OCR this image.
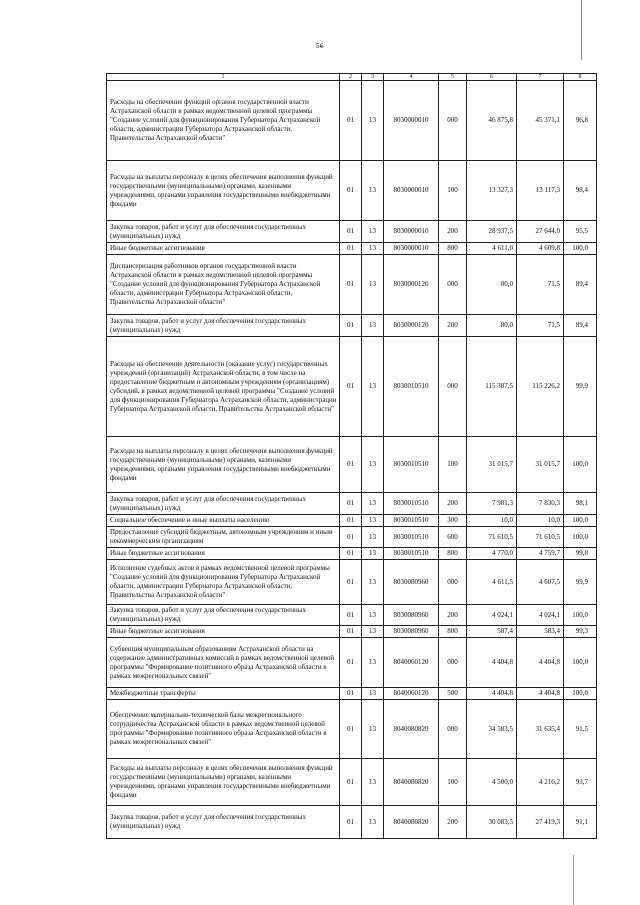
56
1	2	3	4	5	6	7	8
Расходы на обеспечение функций органов государственной власти Астраханской области в рамках ведомственной целевой программы "Создание условий для функционирования Губернатора Астраханской области, администрации Губернатора Астраханской области, Правительства Астраханской области"	01	13	8030000010	000	46 875,8	45 371,1	96,8
Расходы на выплаты персоналу в целях обеспечения выполнения функций государственными (муниципальными) органами, казенными учреждениями, органами управления государственными внебюджетными фондами	01	13	8030000010	100	13 327,3	13 117,3	98,4
Закупка товаров, работ и услуг для обеспечения государственных (муниципальных) нужд	01	13	8030000010	200	28 937,5	27 644,0	95,5
Иные бюджетные ассигнования	01	13	8030000010	800	4 611,0	4 609,8	100,0
Диспансеризация работников органов государственной власти Астраханской области в рамках ведомственной целевой программы "Создание условий для функционирования Губернатора Астраханской области, администрации Губернатора Астраханской области, Правительства Астраханской области"	01	13	8030000120	000	80,0	71,5	89,4
Закупка товаров, работ и услуг для обеспечения государственных (муниципальных) нужд	01	13	8030000120	200	80,0	71,5	89,4
Расходы на обеспечение деятельности (оказание услуг) государственных учреждений (организаций) Астраханской области, в том числе на предоставление бюджетным и автономным учреждениям (организациям) субсидий, в рамках ведомственной целевой программы "Создание условий для функционирования Губернатора Астраханской области, администрации Губернатора Астраханской области, Правительства Астраханской области"	01	13	8030010510	000	115 387,5	115 226,2	99,9
Расходы на выплаты персоналу в целях обеспечения выполнения функций государственными (муниципальными) органами, казенными учреждениями, органами управления государственными внебюджетными фондами	01	13	8030010510	100	31 015,7	31 015,7	100,0
Закупка товаров, работ и услуг для обеспечения государственных (муниципальных) нужд	01	13	8030010510	200	7 981,3	7 830,3	98,1
Социальное обеспечение и иные выплаты населению	01	13	8030010510	300	10,0	10,0	100,0
Предоставление субсидий бюджетным, автономным учреждениям и иным некоммерческим организациям	01	13	8030010510	600	71 610,5	71 610,5	100,0
Иные бюджетные ассигнования	01	13	8030010510	800	4 770,0	4 759,7	99,8
Исполнение судебных актов в рамках ведомственной целевой программы "Создание условий для функционирования Губернатора Астраханской области, администрации Губернатора Астраханской области, Правительства Астраханской области"	01	13	8030080960	000	4 611,5	4 607,5	99,9
Закупка товаров, работ и услуг для обеспечения государственных (муниципальных) нужд	01	13	8030080960	200	4 024,1	4 024,1	100,0
Иные бюджетные ассигнования	01	13	8030080960	800	587,4	583,4	99,3
Субвенция муниципальным образованиям Астраханской области на содержание административных комиссий в рамках ведомственной целевой программы "Формирование позитивного образа Астраханской области в рамках межрегиональных связей"	01	13	8040060120	000	4 404,8	4 404,8	100,0
Межбюджетные трансферты	01	13	8040060120	500	4 404,8	4 404,8	100,0
Обеспечение материально-технической базы межрегионального сотрудничества Астраханской области в рамках ведомственной целевой программы "Формирование позитивного образа Астраханской области в рамках межрегиональных связей"	01	13	8040080820	000	34 583,5	31 635,4	91,5
Расходы на выплаты персоналу в целях обеспечения выполнения функций государственными (муниципальными) органами, казенными учреждениями, органами управления государственными внебюджетными фондами	01	13	8040080820	100	4 500,0	4 216,2	93,7
Закупка товаров, работ и услуг для обеспечения государственных (муниципальных) нужд	01	13	8040080820	200	30 083,5	27 419,3	91,1
